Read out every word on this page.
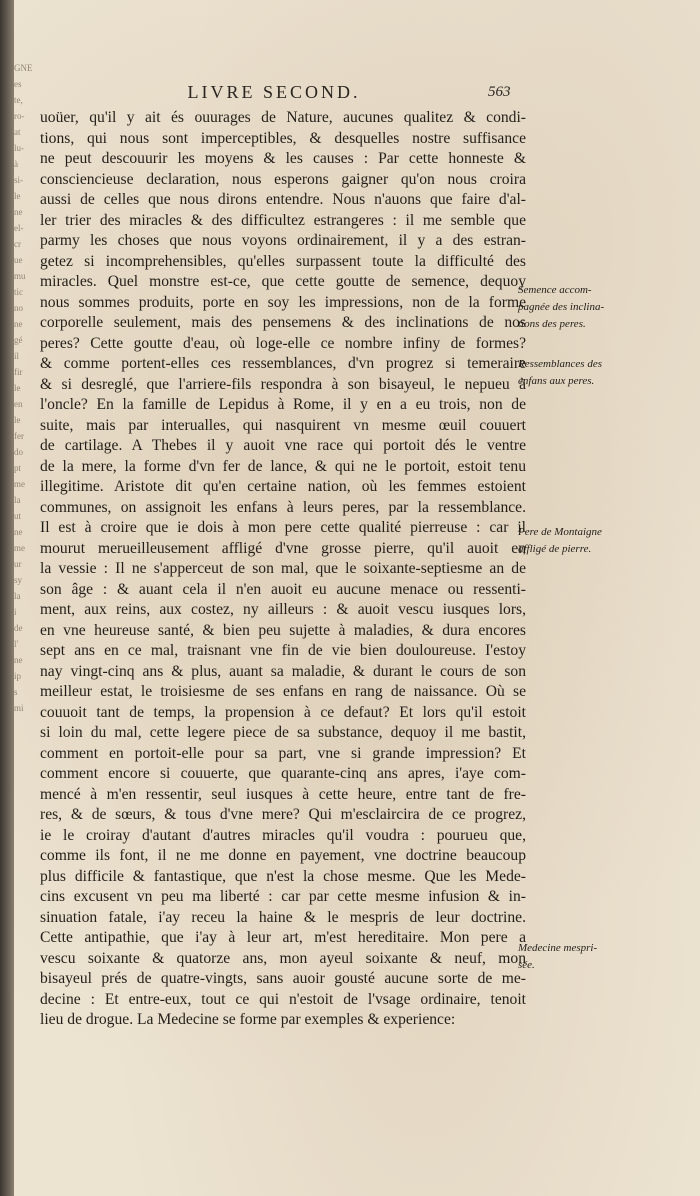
LIVRE SECOND.	563
uoüer, qu'il y ait és ouurages de Nature, aucunes qualitez & condi-
tions, qui nous sont imperceptibles, & desquelles nostre suffisance
ne peut descouurir les moyens & les causes : Par cette honneste &
consciencieuse declaration, nous esperons gaigner qu'on nous croira
aussi de celles que nous dirons entendre. Nous n'auons que faire d'al-
ler trier des miracles & des difficultez estrangeres : il me semble que
parmy les choses que nous voyons ordinairement, il y a des estran-
getez si incomprehensibles, qu'elles surpassent toute la difficulté des
miracles. Quel monstre est-ce, que cette goutte de semence, dequoy
nous sommes produits, porte en soy les impressions, non de la forme
corporelle seulement, mais des pensemens & des inclinations de nos
peres? Cette goutte d'eau, où loge-elle ce nombre infiny de formes?
& comme portent-elles ces ressemblances, d'vn progrez si temeraire
& si desreglé, que l'arriere-fils respondra à son bisayeul, le nepueu à
l'oncle? En la famille de Lepidus à Rome, il y en a eu trois, non de
suite, mais par interualles, qui nasquirent vn mesme œuil couuert
de cartilage. A Thebes il y auoit vne race qui portoit dés le ventre
de la mere, la forme d'vn fer de lance, & qui ne le portoit, estoit tenu
illegitime. Aristote dit qu'en certaine nation, où les femmes estoient
communes, on assignoit les enfans à leurs peres, par la ressemblance.
Il est à croire que ie dois à mon pere cette qualité pierreuse : car il
mourut merueilleusement affligé d'vne grosse pierre, qu'il auoit en
la vessie : Il ne s'apperceut de son mal, que le soixante-septiesme an de
son âge : & auant cela il n'en auoit eu aucune menace ou ressenti-
ment, aux reins, aux costez, ny ailleurs : & auoit vescu iusques lors,
en vne heureuse santé, & bien peu sujette à maladies, & dura encores
sept ans en ce mal, traisnant vne fin de vie bien douloureuse. I'estoy
nay vingt-cinq ans & plus, auant sa maladie, & durant le cours de son
meilleur estat, le troisiesme de ses enfans en rang de naissance. Où se
couuoit tant de temps, la propension à ce defaut? Et lors qu'il estoit
si loin du mal, cette legere piece de sa substance, dequoy il me bastit,
comment en portoit-elle pour sa part, vne si grande impression? Et
comment encore si couuerte, que quarante-cinq ans apres, i'aye com-
mencé à m'en ressentir, seul iusques à cette heure, entre tant de fre-
res, & de sœurs, & tous d'vne mere? Qui m'esclaircira de ce progrez,
ie le croiray d'autant d'autres miracles qu'il voudra : pourueu que,
comme ils font, il ne me donne en payement, vne doctrine beaucoup
plus difficile & fantastique, que n'est la chose mesme. Que les Mede-
cins excusent vn peu ma liberté : car par cette mesme infusion & in-
sinuation fatale, i'ay receu la haine & le mespris de leur doctrine.
Cette antipathie, que i'ay à leur art, m'est hereditaire. Mon pere a
vescu soixante & quatorze ans, mon ayeul soixante & neuf, mon
bisayeul prés de quatre-vingts, sans auoir gousté aucune sorte de me-
decine : Et entre-eux, tout ce qui n'estoit de l'vsage ordinaire, tenoit
lieu de drogue. La Medecine se forme par exemples & experience:
Semence accom-
pagnée des inclina-
tions des peres.
Ressemblances des
enfans aux peres.
Pere de Montaigne
affligé de pierre.
Medecine mespri-
sée.
GNE
es
te,
ro-
at
lu-
à
si-
le
ne
el-
cr
ue
mu
tic
no
ne
gé
il
fir
le
en
le
fer
do
pt
me
la
ut
ne
me
ur
sy
la
i
de
l'
ne
ip
s
mi
